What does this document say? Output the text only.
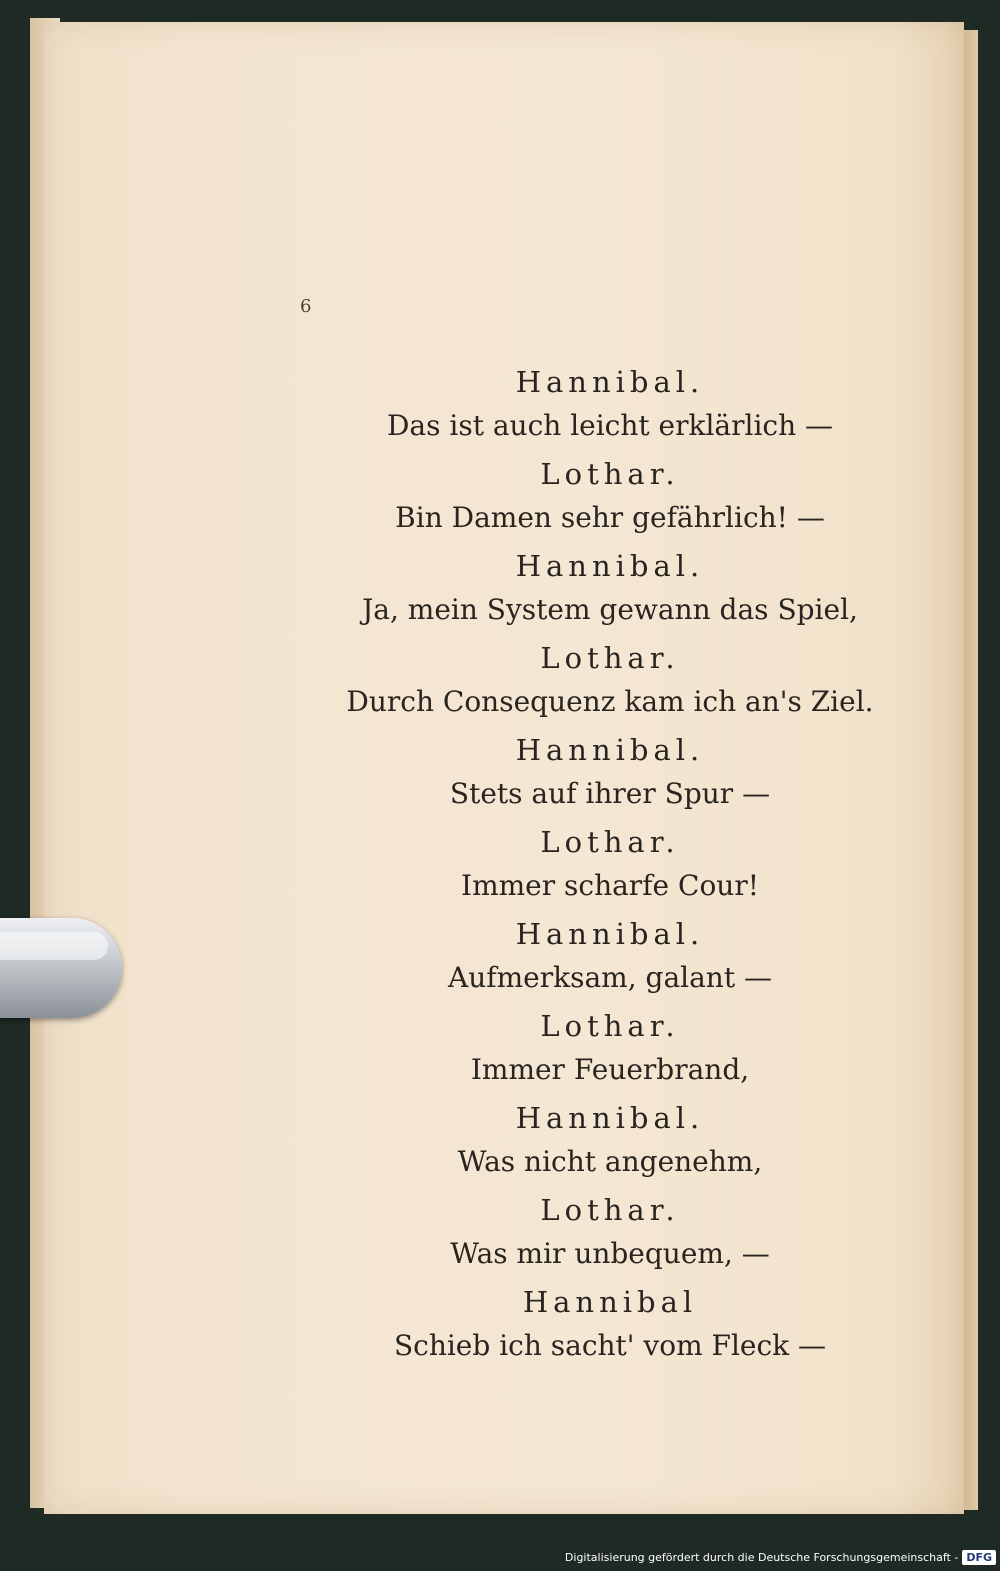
6
Hannibal.
Das ist auch leicht erklärlich —
Lothar.
Bin Damen sehr gefährlich! —
Hannibal.
Ja, mein System gewann das Spiel,
Lothar.
Durch Consequenz kam ich an's Ziel.
Hannibal.
Stets auf ihrer Spur —
Lothar.
Immer scharfe Cour!
Hannibal.
Aufmerksam, galant —
Lothar.
Immer Feuerbrand,
Hannibal.
Was nicht angenehm,
Lothar.
Was mir unbequem, —
Hannibal
Schieb ich sacht' vom Fleck —
Digitalisierung gefördert durch die Deutsche Forschungsgemeinschaft - DFG
